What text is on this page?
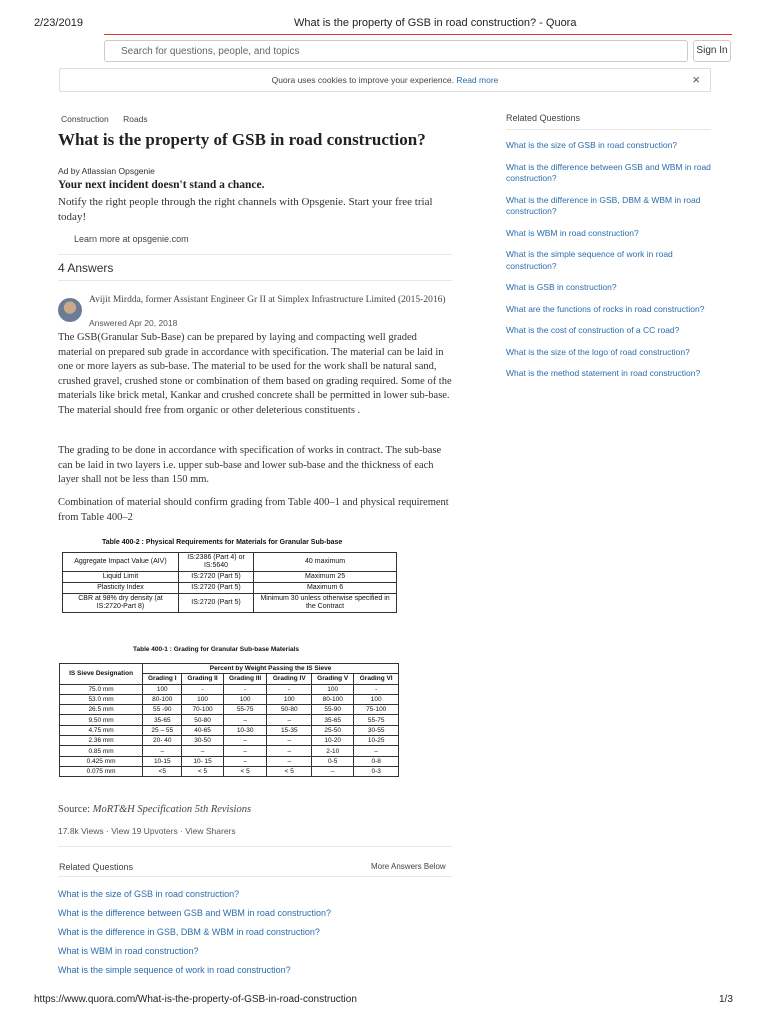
2/23/2019	What is the property of GSB in road construction? - Quora
Search for questions, people, and topics	Sign In
Quora uses cookies to improve your experience. Read more	×
Construction Roads
What is the property of GSB in road construction?
Ad by Atlassian Opsgenie
Your next incident doesn't stand a chance.
Notify the right people through the right channels with Opsgenie. Start your free trial today!
Learn more at opsgenie.com
4 Answers
Avijit Mirdda, former Assistant Engineer Gr II at Simplex Infrastructure Limited (2015-2016)
Answered Apr 20, 2018
The GSB(Granular Sub-Base) can be prepared by laying and compacting well graded material on prepared sub grade in accordance with specification. The material can be laid in one or more layers as sub-base. The material to be used for the work shall be natural sand, crushed gravel, crushed stone or combination of them based on grading required. Some of the materials like brick metal, Kankar and crushed concrete shall be permitted in lower sub-base. The material should free from organic or other deleterious constituents .
The grading to be done in accordance with specification of works in contract. The sub-base can be laid in two layers i.e. upper sub-base and lower sub-base and the thickness of each layer shall not be less than 150 mm.
Combination of material should confirm grading from Table 400–1 and physical requirement from Table 400–2
Table 400-2 : Physical Requirements for Materials for Granular Sub-base
Aggregate Impact Value (AIV)	IS:2386 (Part 4) or IS:5640	40 maximum
Liquid Limit	IS:2720 (Part 5)	Maximum 25
Plasticity Index	IS:2720 (Part 5)	Maximum 6
CBR at 98% dry density (at IS:2720-Part 8)	IS:2720 (Part 5)	Minimum 30 unless otherwise specified in the Contract
Table 400-1 : Grading for Granular Sub-base Materials
IS Sieve Designation	Percent by Weight Passing the IS Sieve					
	Grading I	Grading II	Grading III	Grading IV	Grading V	Grading VI
75.0 mm	100	-	-	-	100	-
53.0 mm	80-100	100	100	100	80-100	100
26.5 mm	55 -90	70-100	55-75	50-80	55-90	75-100
9.50 mm	35-65	50-80	–	–	35-65	55-75
4.75 mm	25 – 55	40-65	10-30	15-35	25-50	30-55
2.36 mm	20- 40	30-50	–	–	10-20	10-25
0.85 mm	–	–	–	–	2-10	–
0.425 mm	10-15	10- 15	–	–	0-5	0-8
0.075 mm	<5	< 5	< 5	< 5	–	0-3
Source: MoRT&H Specification 5th Revisions
17.8k Views · View 19 Upvoters · View Sharers
Related Questions	More Answers Below
What is the size of GSB in road construction?
What is the difference between GSB and WBM in road construction?
What is the difference in GSB, DBM & WBM in road construction?
What is WBM in road construction?
What is the simple sequence of work in road construction?
Related Questions
What is the size of GSB in road construction?
What is the difference between GSB and WBM in road construction?
What is the difference in GSB, DBM & WBM in road construction?
What is WBM in road construction?
What is the simple sequence of work in road construction?
What is GSB in construction?
What are the functions of rocks in road construction?
What is the cost of construction of a CC road?
What is the size of the logo of road construction?
What is the method statement in road construction?
https://www.quora.com/What-is-the-property-of-GSB-in-road-construction	1/3
